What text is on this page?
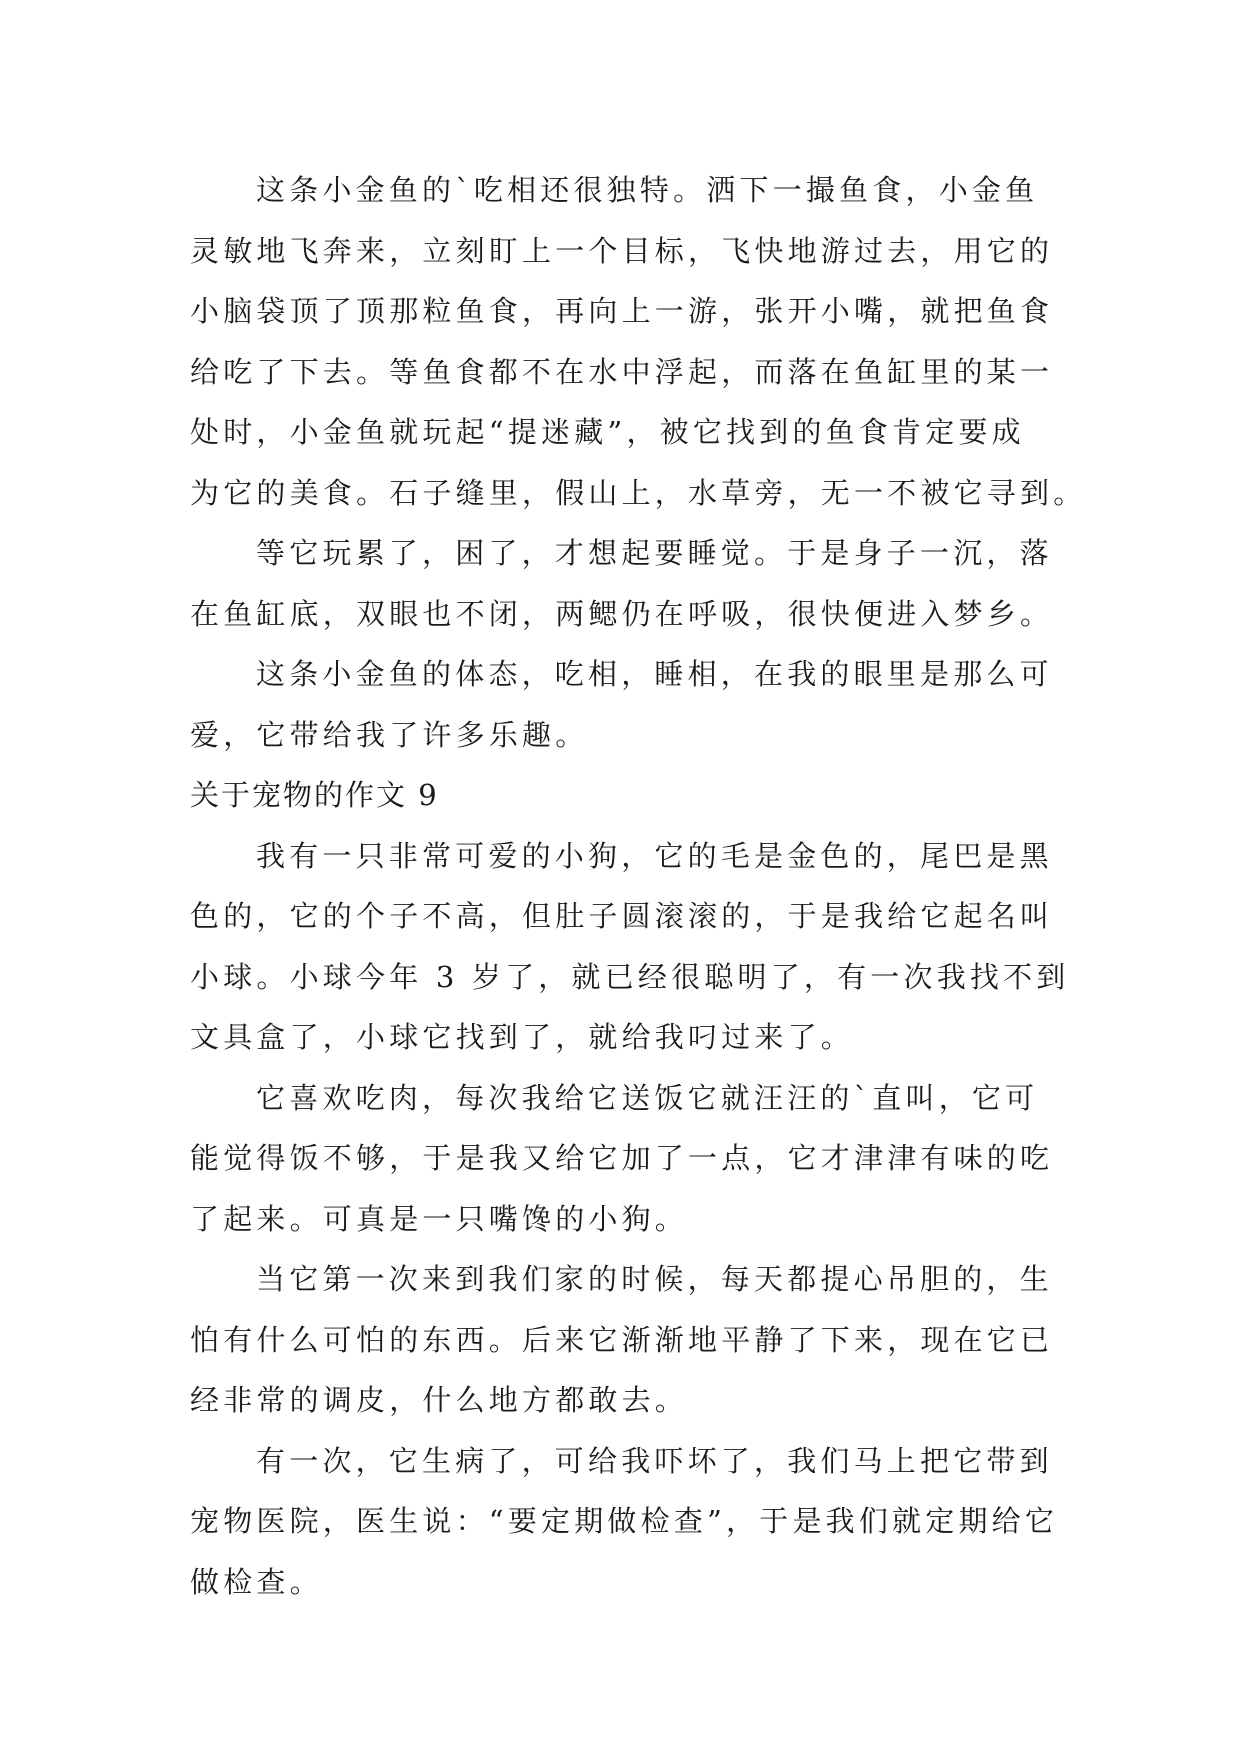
这条小金鱼的`吃相还很独特。洒下一撮鱼食，小金鱼
灵敏地飞奔来，立刻盯上一个目标，飞快地游过去，用它的
小脑袋顶了顶那粒鱼食，再向上一游，张开小嘴，就把鱼食
给吃了下去。等鱼食都不在水中浮起，而落在鱼缸里的某一
处时，小金鱼就玩起“提迷藏”，被它找到的鱼食肯定要成
为它的美食。石子缝里，假山上，水草旁，无一不被它寻到。
等它玩累了，困了，才想起要睡觉。于是身子一沉，落
在鱼缸底，双眼也不闭，两鳃仍在呼吸，很快便进入梦乡。
这条小金鱼的体态，吃相，睡相，在我的眼里是那么可
爱，它带给我了许多乐趣。
关于宠物的作文 9
我有一只非常可爱的小狗，它的毛是金色的，尾巴是黑
色的，它的个子不高，但肚子圆滚滚的，于是我给它起名叫
小球。小球今年 3 岁了，就已经很聪明了，有一次我找不到
文具盒了，小球它找到了，就给我叼过来了。
它喜欢吃肉，每次我给它送饭它就汪汪的`直叫，它可
能觉得饭不够，于是我又给它加了一点，它才津津有味的吃
了起来。可真是一只嘴馋的小狗。
当它第一次来到我们家的时候，每天都提心吊胆的，生
怕有什么可怕的东西。后来它渐渐地平静了下来，现在它已
经非常的调皮，什么地方都敢去。
有一次，它生病了，可给我吓坏了，我们马上把它带到
宠物医院，医生说：“要定期做检查”，于是我们就定期给它
做检查。
